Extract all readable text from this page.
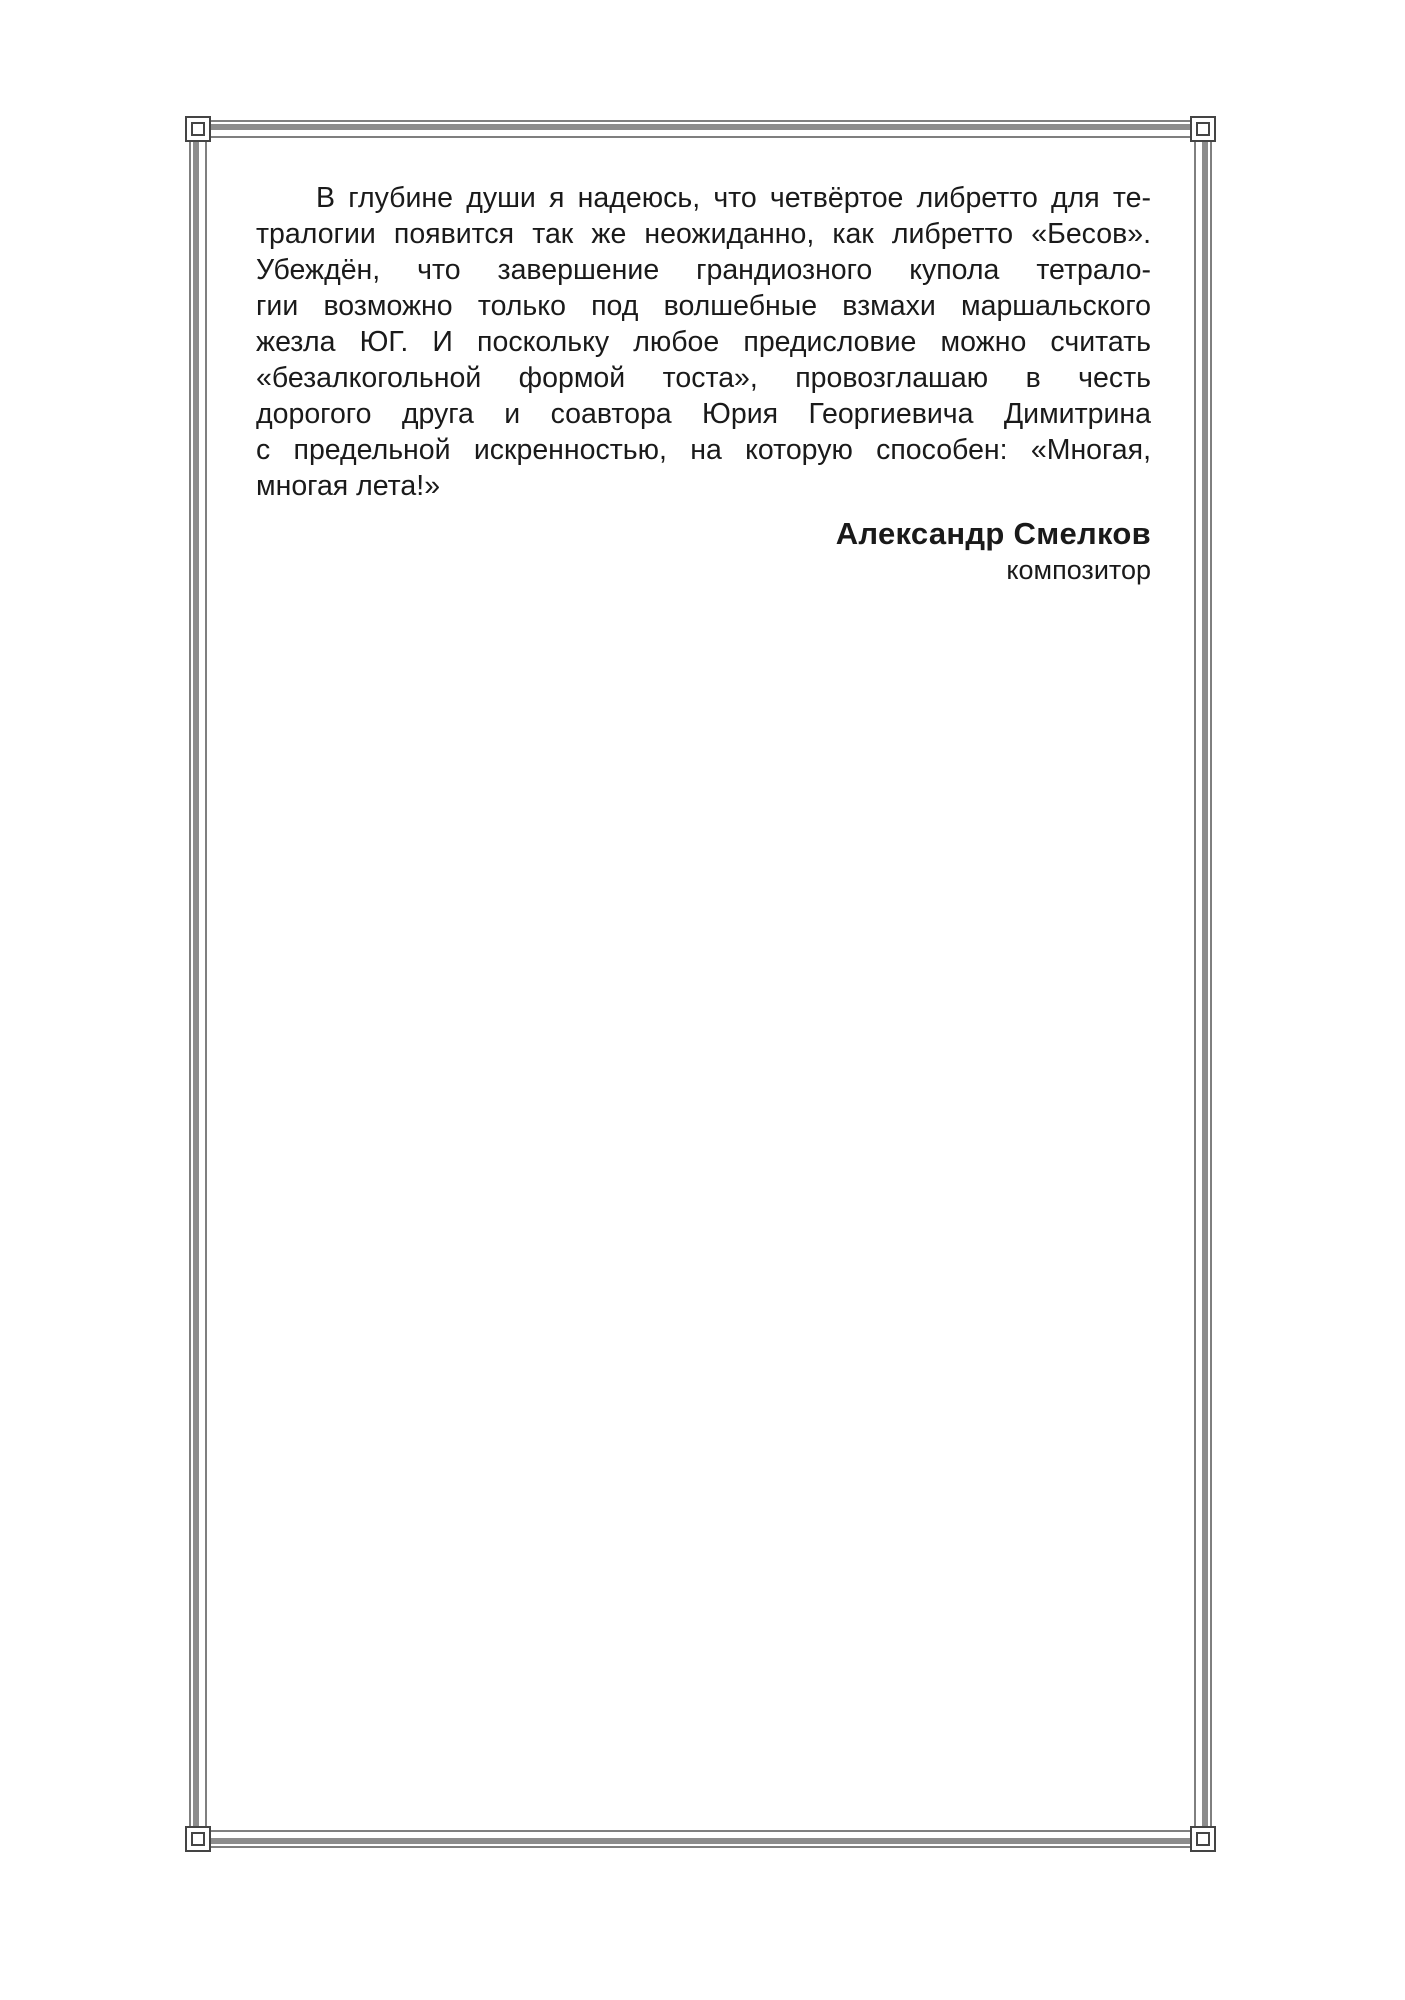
В глубине души я надеюсь, что четвёртое либретто для те-
тралогии появится так же неожиданно, как либретто «Бесов».
Убеждён, что завершение грандиозного купола тетрало-
гии возможно только под волшебные взмахи маршальского
жезла ЮГ. И поскольку любое предисловие можно считать
«безалкогольной формой тоста», провозглашаю в честь
дорогого друга и соавтора Юрия Георгиевича Димитрина
с предельной искренностью, на которую способен: «Многая,
многая лета!»

Александр Смелков
композитор
